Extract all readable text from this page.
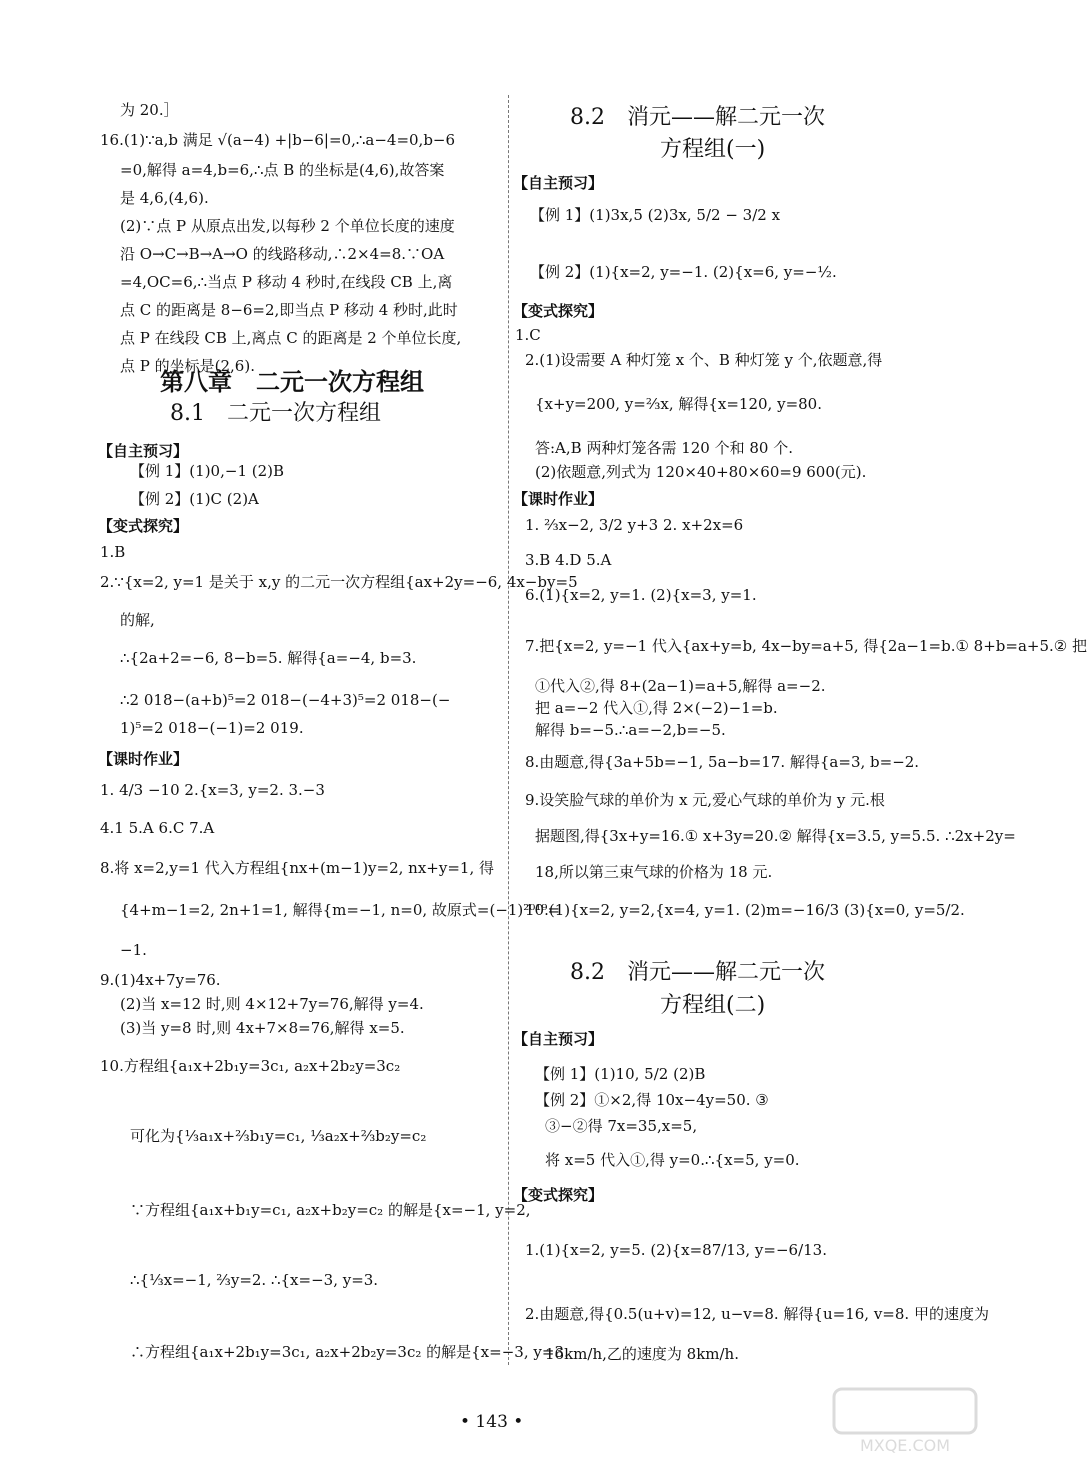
为 20.］
16.(1)∵a,b 满足 √(a−4) +|b−6|=0,∴a−4=0,b−6
=0,解得 a=4,b=6,∴点 B 的坐标是(4,6),故答案
是 4,6,(4,6).
(2)∵点 P 从原点出发,以每秒 2 个单位长度的速度
沿 O→C→B→A→O 的线路移动,∴2×4=8.∵OA
=4,OC=6,∴当点 P 移动 4 秒时,在线段 CB 上,离
点 C 的距离是 8−6=2,即当点 P 移动 4 秒时,此时
点 P 在线段 CB 上,离点 C 的距离是 2 个单位长度,
点 P 的坐标是(2,6).
【例 1】(1)0,−1 (2)B
【例 2】(1)C (2)A
1.B
2.∵{x=2, y=1 是关于 x,y 的二元一次方程组{ax+2y=−6, 4x−by=5
的解,
∴{2a+2=−6, 8−b=5. 解得{a=−4, b=3.
∴2 018−(a+b)⁵=2 018−(−4+3)⁵=2 018−(−
1)⁵=2 018−(−1)=2 019.
1. 4/3 −10 2.{x=3, y=2. 3.−3
4.1 5.A 6.C 7.A
8.将 x=2,y=1 代入方程组{nx+(m−1)y=2, nx+y=1, 得
{4+m−1=2, 2n+1=1, 解得{m=−1, n=0, 故原式=(−1)²⁰¹⁹=
−1.
9.(1)4x+7y=76.
(2)当 x=12 时,则 4×12+7y=76,解得 y=4.
(3)当 y=8 时,则 4x+7×8=76,解得 x=5.
10.方程组{a₁x+2b₁y=3c₁, a₂x+2b₂y=3c₂
可化为{⅓a₁x+⅔b₁y=c₁, ⅓a₂x+⅔b₂y=c₂
∵方程组{a₁x+b₁y=c₁, a₂x+b₂y=c₂ 的解是{x=−1, y=2,
∴{⅓x=−1, ⅔y=2. ∴{x=−3, y=3.
∴方程组{a₁x+2b₁y=3c₁, a₂x+2b₂y=3c₂ 的解是{x=−3, y=3.
第八章　二元一次方程组
8.1　二元一次方程组
【自主预习】
【变式探究】
【课时作业】
【例 1】(1)3x,5 (2)3x, 5/2 − 3/2 x
【例 2】(1){x=2, y=−1. (2){x=6, y=−½.
1.C
2.(1)设需要 A 种灯笼 x 个、B 种灯笼 y 个,依题意,得
{x+y=200, y=⅔x, 解得{x=120, y=80.
答:A,B 两种灯笼各需 120 个和 80 个.
(2)依题意,列式为 120×40+80×60=9 600(元).
1. ⅔x−2, 3/2 y+3 2. x+2x=6
3.B 4.D 5.A
6.(1){x=2, y=1. (2){x=3, y=1.
7.把{x=2, y=−1 代入{ax+y=b, 4x−by=a+5, 得{2a−1=b.① 8+b=a+5.② 把
①代入②,得 8+(2a−1)=a+5,解得 a=−2.
把 a=−2 代入①,得 2×(−2)−1=b.
解得 b=−5.∴a=−2,b=−5.
8.由题意,得{3a+5b=−1, 5a−b=17. 解得{a=3, b=−2.
9.设笑脸气球的单价为 x 元,爱心气球的单价为 y 元.根
据题图,得{3x+y=16.① x+3y=20.② 解得{x=3.5, y=5.5. ∴2x+2y=
18,所以第三束气球的价格为 18 元.
10.(1){x=2, y=2,{x=4, y=1. (2)m=−16/3 (3){x=0, y=5/2.
【例 1】(1)10, 5/2 (2)B
【例 2】①×2,得 10x−4y=50. ③
③−②得 7x=35,x=5,
将 x=5 代入①,得 y=0.∴{x=5, y=0.
1.(1){x=2, y=5. (2){x=87/13, y=−6/13.
2.由题意,得{0.5(u+v)=12, u−v=8. 解得{u=16, v=8. 甲的速度为
16km/h,乙的速度为 8km/h.
8.2　消元——解二元一次
方程组(一)
8.2　消元——解二元一次
方程组(二)
【自主预习】
【变式探究】
【课时作业】
【自主预习】
【变式探究】
• 143 •
MXQE.COM
